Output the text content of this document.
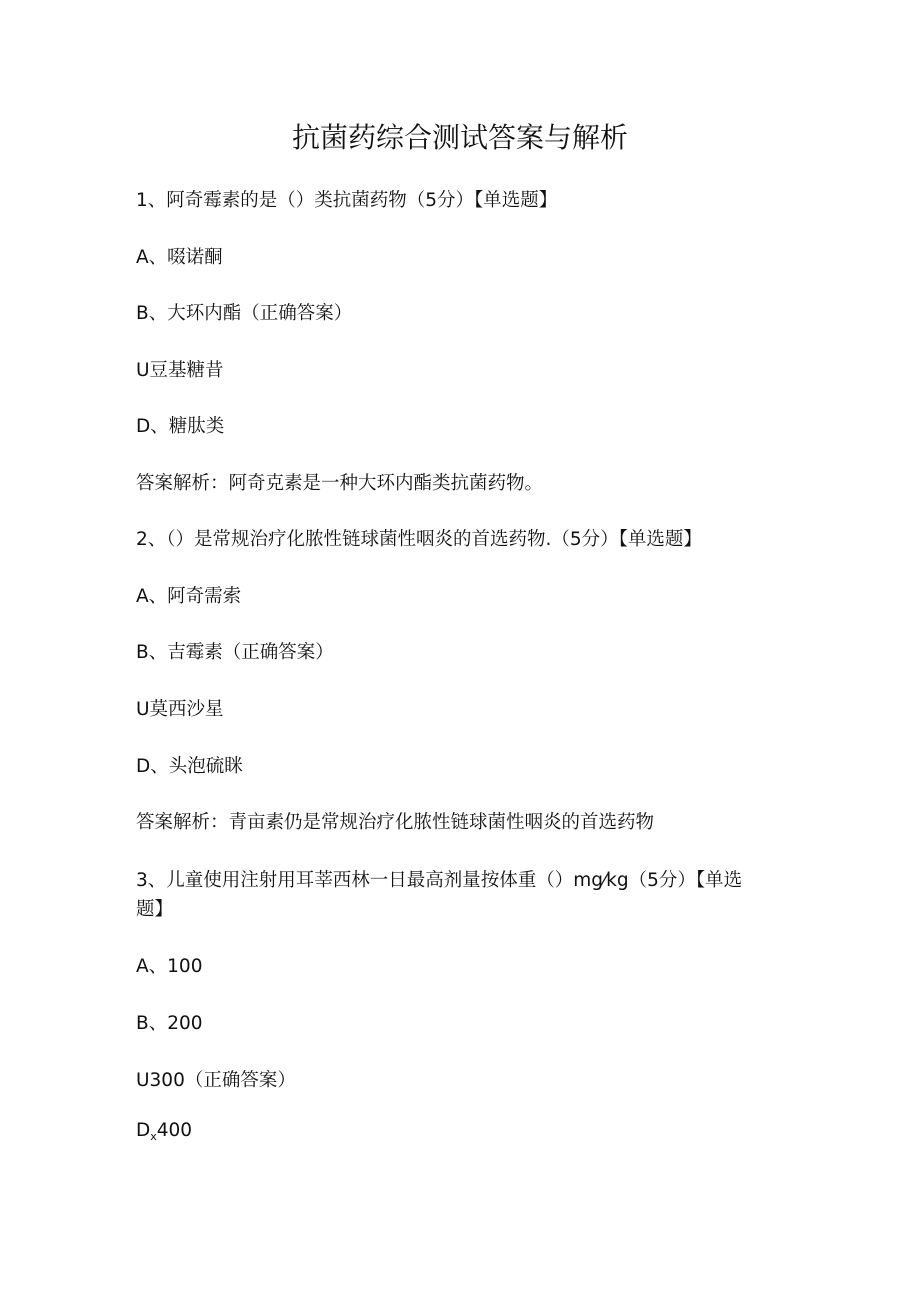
抗菌药综合测试答案与解析
1、阿奇霉素的是（）类抗菌药物（5分）【单选题】
A、啜诺酮
B、大环内酯（正确答案）
U豆基糖昔
D、糖肽类
答案解析：阿奇克素是一种大环内酯类抗菌药物。
2、（）是常规治疗化脓性链球菌性咽炎的首选药物.（5分）【单选题】
A、阿奇需索
B、吉霉素（正确答案）
U莫西沙星
D、头泡硫眯
答案解析：青亩素仍是常规治疗化脓性链球菌性咽炎的首选药物
3、儿童使用注射用耳莘西林一日最高剂量按体重（）mg⁄kg（5分）【单选题】
A、100
B、200
U300（正确答案）
$D_x400$
